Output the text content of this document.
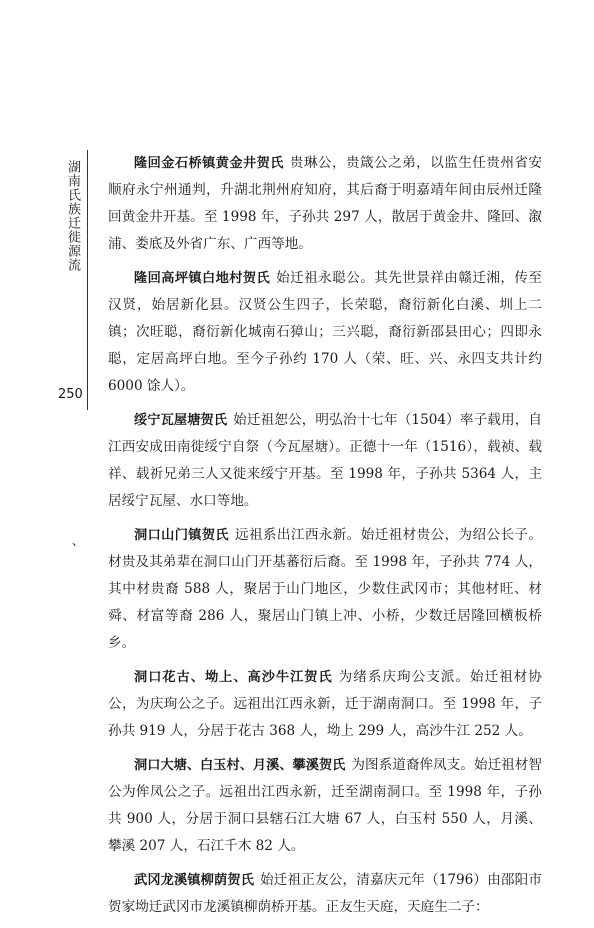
湖南氏族迁徙源流
250
、

隆回金石桥镇黄金井贺氏 贵琳公，贵箴公之弟，以监生任贵州省安顺府永宁州通判，升湖北荆州府知府，其后裔于明嘉靖年间由辰州迁隆回黄金井开基。至 1998 年，子孙共 297 人，散居于黄金井、隆回、溆浦、娄底及外省广东、广西等地。

隆回高坪镇白地村贺氏 始迁祖永聪公。其先世景祥由赣迁湘，传至汉贤，始居新化县。汉贤公生四子，长荣聪，裔衍新化白溪、圳上二镇；次旺聪，裔衍新化城南石獐山；三兴聪，裔衍新邵县田心；四即永聪，定居高坪白地。至今子孙约 170 人（荣、旺、兴、永四支共计约 6000 馀人）。

绥宁瓦屋塘贺氏 始迁祖恕公，明弘治十七年（1504）率子载用，自江西安成田南徙绥宁自祭（今瓦屋塘）。正德十一年（1516），载祯、载祥、载祈兄弟三人又徙来绥宁开基。至 1998 年，子孙共 5364 人，主居绥宁瓦屋、水口等地。

洞口山门镇贺氏 远祖系出江西永新。始迁祖材贵公，为绍公长子。材贵及其弟辈在洞口山门开基蕃衍后裔。至 1998 年，子孙共 774 人，其中材贵裔 588 人，聚居于山门地区，少数住武冈市；其他材旺、材舜、材富等裔 286 人，聚居山门镇上冲、小桥，少数迁居隆回横板桥乡。

洞口花古、坳上、高沙牛江贺氏 为绪系庆珣公支派。始迁祖材协公，为庆珣公之子。远祖出江西永新，迁于湖南洞口。至 1998 年，子孙共 919 人，分居于花古 368 人，坳上 299 人，高沙牛江 252 人。

洞口大塘、白玉村、月溪、攀溪贺氏 为图系道裔侔凤支。始迁祖材智公为侔凤公之子。远祖出江西永新，迁至湖南洞口。至 1998 年，子孙共 900 人，分居于洞口县辖石江大塘 67 人，白玉村 550 人，月溪、攀溪 207 人，石江千木 82 人。

武冈龙溪镇柳荫贺氏 始迁祖正友公，清嘉庆元年（1796）由邵阳市贺家坳迁武冈市龙溪镇柳荫桥开基。正友生天庭，天庭生二子：
